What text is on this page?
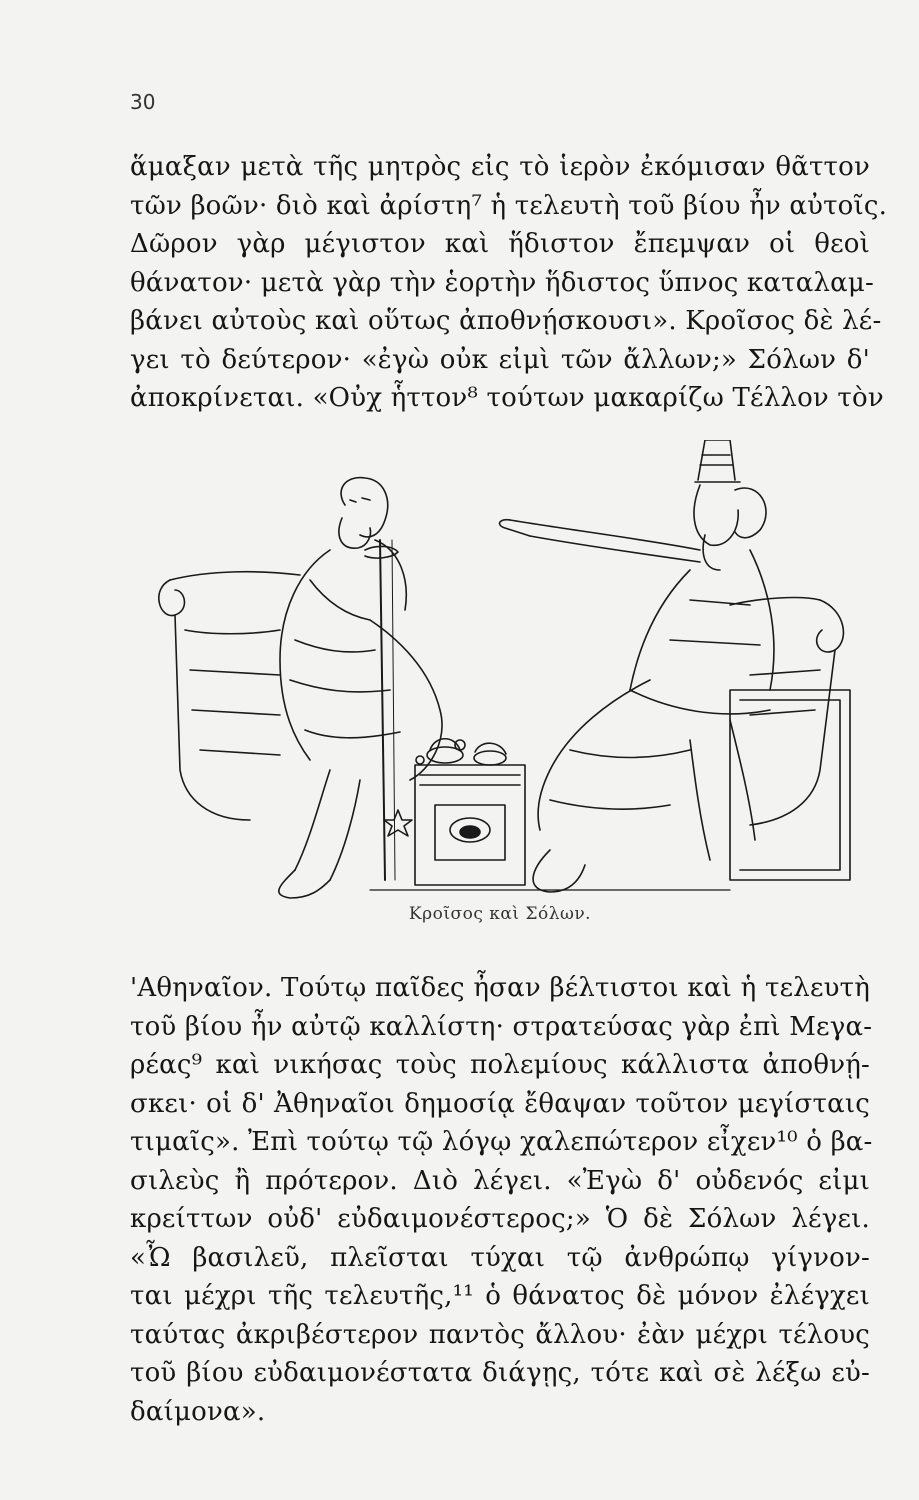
30
ἅμαξαν μετὰ τῆς μητρὸς εἰς τὸ ἱερὸν ἐκόμισαν θᾶττον
τῶν βοῶν· διὸ καὶ ἀρίστη⁷ ἡ τελευτὴ τοῦ βίου ἦν αὐτοῖς.
Δῶρον γὰρ μέγιστον καὶ ἥδιστον ἔπεμψαν οἱ θεοὶ
θάνατον· μετὰ γὰρ τὴν ἑορτὴν ἥδιστος ὕπνος καταλαμ-
βάνει αὐτοὺς καὶ οὕτως ἀποθνῄσκουσι». Κροῖσος δὲ λέ-
γει τὸ δεύτερον· «ἐγὼ οὐκ εἰμὶ τῶν ἄλλων;» Σόλων δ'
ἀποκρίνεται. «Οὐχ ἧττον⁸ τούτων μακαρίζω Τέλλον τὸν
Κροῖσος καὶ Σόλων.
'Αθηναῖον. Τούτῳ παῖδες ἦσαν βέλτιστοι καὶ ἡ τελευτὴ
τοῦ βίου ἦν αὐτῷ καλλίστη· στρατεύσας γὰρ ἐπὶ Μεγα-
ρέας⁹ καὶ νικήσας τοὺς πολεμίους κάλλιστα ἀποθνῄ-
σκει· οἱ δ' Ἀθηναῖοι δημοσίᾳ ἔθαψαν τοῦτον μεγίσταις
τιμαῖς». Ἐπὶ τούτῳ τῷ λόγῳ χαλεπώτερον εἶχεν¹⁰ ὁ βα-
σιλεὺς ἢ πρότερον. Διὸ λέγει. «Ἐγὼ δ' οὐδενός εἰμι
κρείττων οὐδ' εὐδαιμονέστερος;» Ὁ δὲ Σόλων λέγει.
«Ὦ βασιλεῦ, πλεῖσται τύχαι τῷ ἀνθρώπῳ γίγνον-
ται μέχρι τῆς τελευτῆς,¹¹ ὁ θάνατος δὲ μόνον ἐλέγχει
ταύτας ἀκριβέστερον παντὸς ἄλλου· ἐὰν μέχρι τέλους
τοῦ βίου εὐδαιμονέστατα διάγῃς, τότε καὶ σὲ λέξω εὐ-
δαίμονα».
